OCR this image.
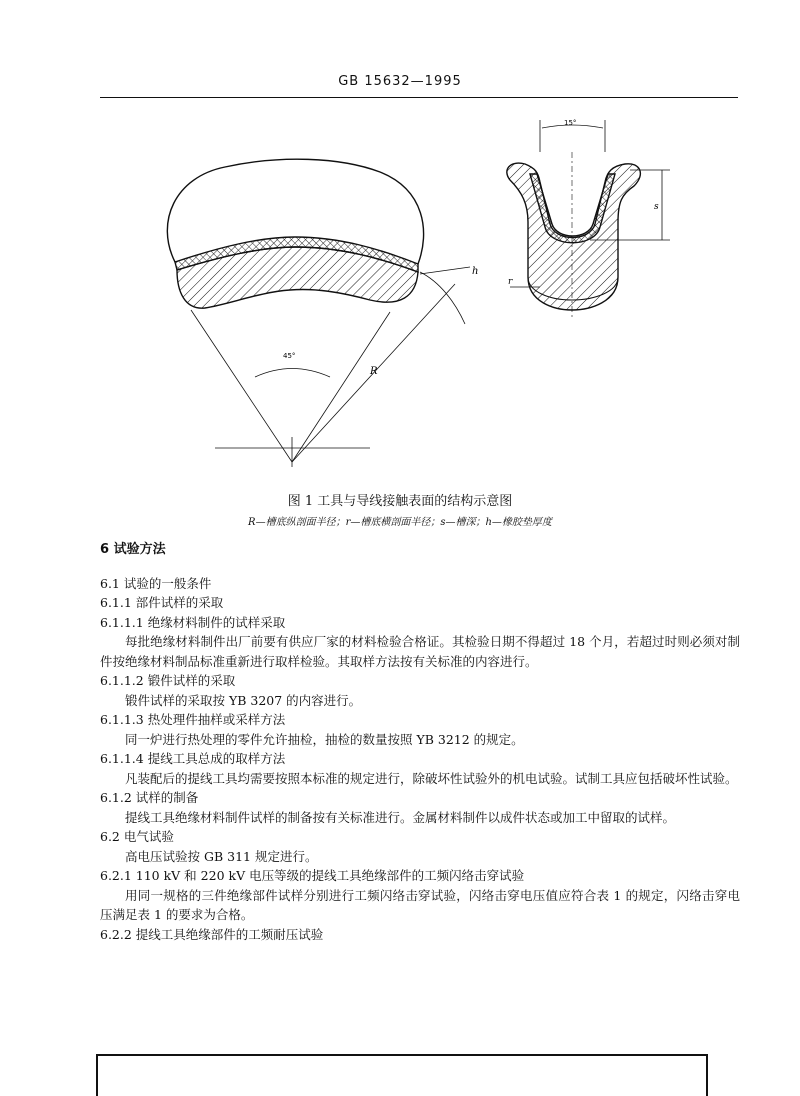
GB 15632—1995
45°
R
h
15°
s
r
图 1 工具与导线接触表面的结构示意图
R—槽底纵剖面半径；r—槽底横剖面半径；s—槽深；h—橡胶垫厚度

6 试验方法

6.1 试验的一般条件

6.1.1 部件试样的采取

6.1.1.1 绝缘材料制件的试样采取

每批绝缘材料制件出厂前要有供应厂家的材料检验合格证。其检验日期不得超过 18 个月，若超过时则必须对制件按绝缘材料制品标准重新进行取样检验。其取样方法按有关标准的内容进行。

6.1.1.2 锻件试样的采取

锻件试样的采取按 YB 3207 的内容进行。

6.1.1.3 热处理件抽样或采样方法

同一炉进行热处理的零件允许抽检，抽检的数量按照 YB 3212 的规定。

6.1.1.4 提线工具总成的取样方法

凡装配后的提线工具均需要按照本标准的规定进行，除破坏性试验外的机电试验。试制工具应包括破坏性试验。

6.1.2 试样的制备

提线工具绝缘材料制件试样的制备按有关标准进行。金属材料制件以成件状态或加工中留取的试样。

6.2 电气试验

高电压试验按 GB 311 规定进行。

6.2.1 110 kV 和 220 kV 电压等级的提线工具绝缘部件的工频闪络击穿试验

用同一规格的三件绝缘部件试样分别进行工频闪络击穿试验，闪络击穿电压值应符合表 1 的规定，闪络击穿电压满足表 1 的要求为合格。

6.2.2 提线工具绝缘部件的工频耐压试验
